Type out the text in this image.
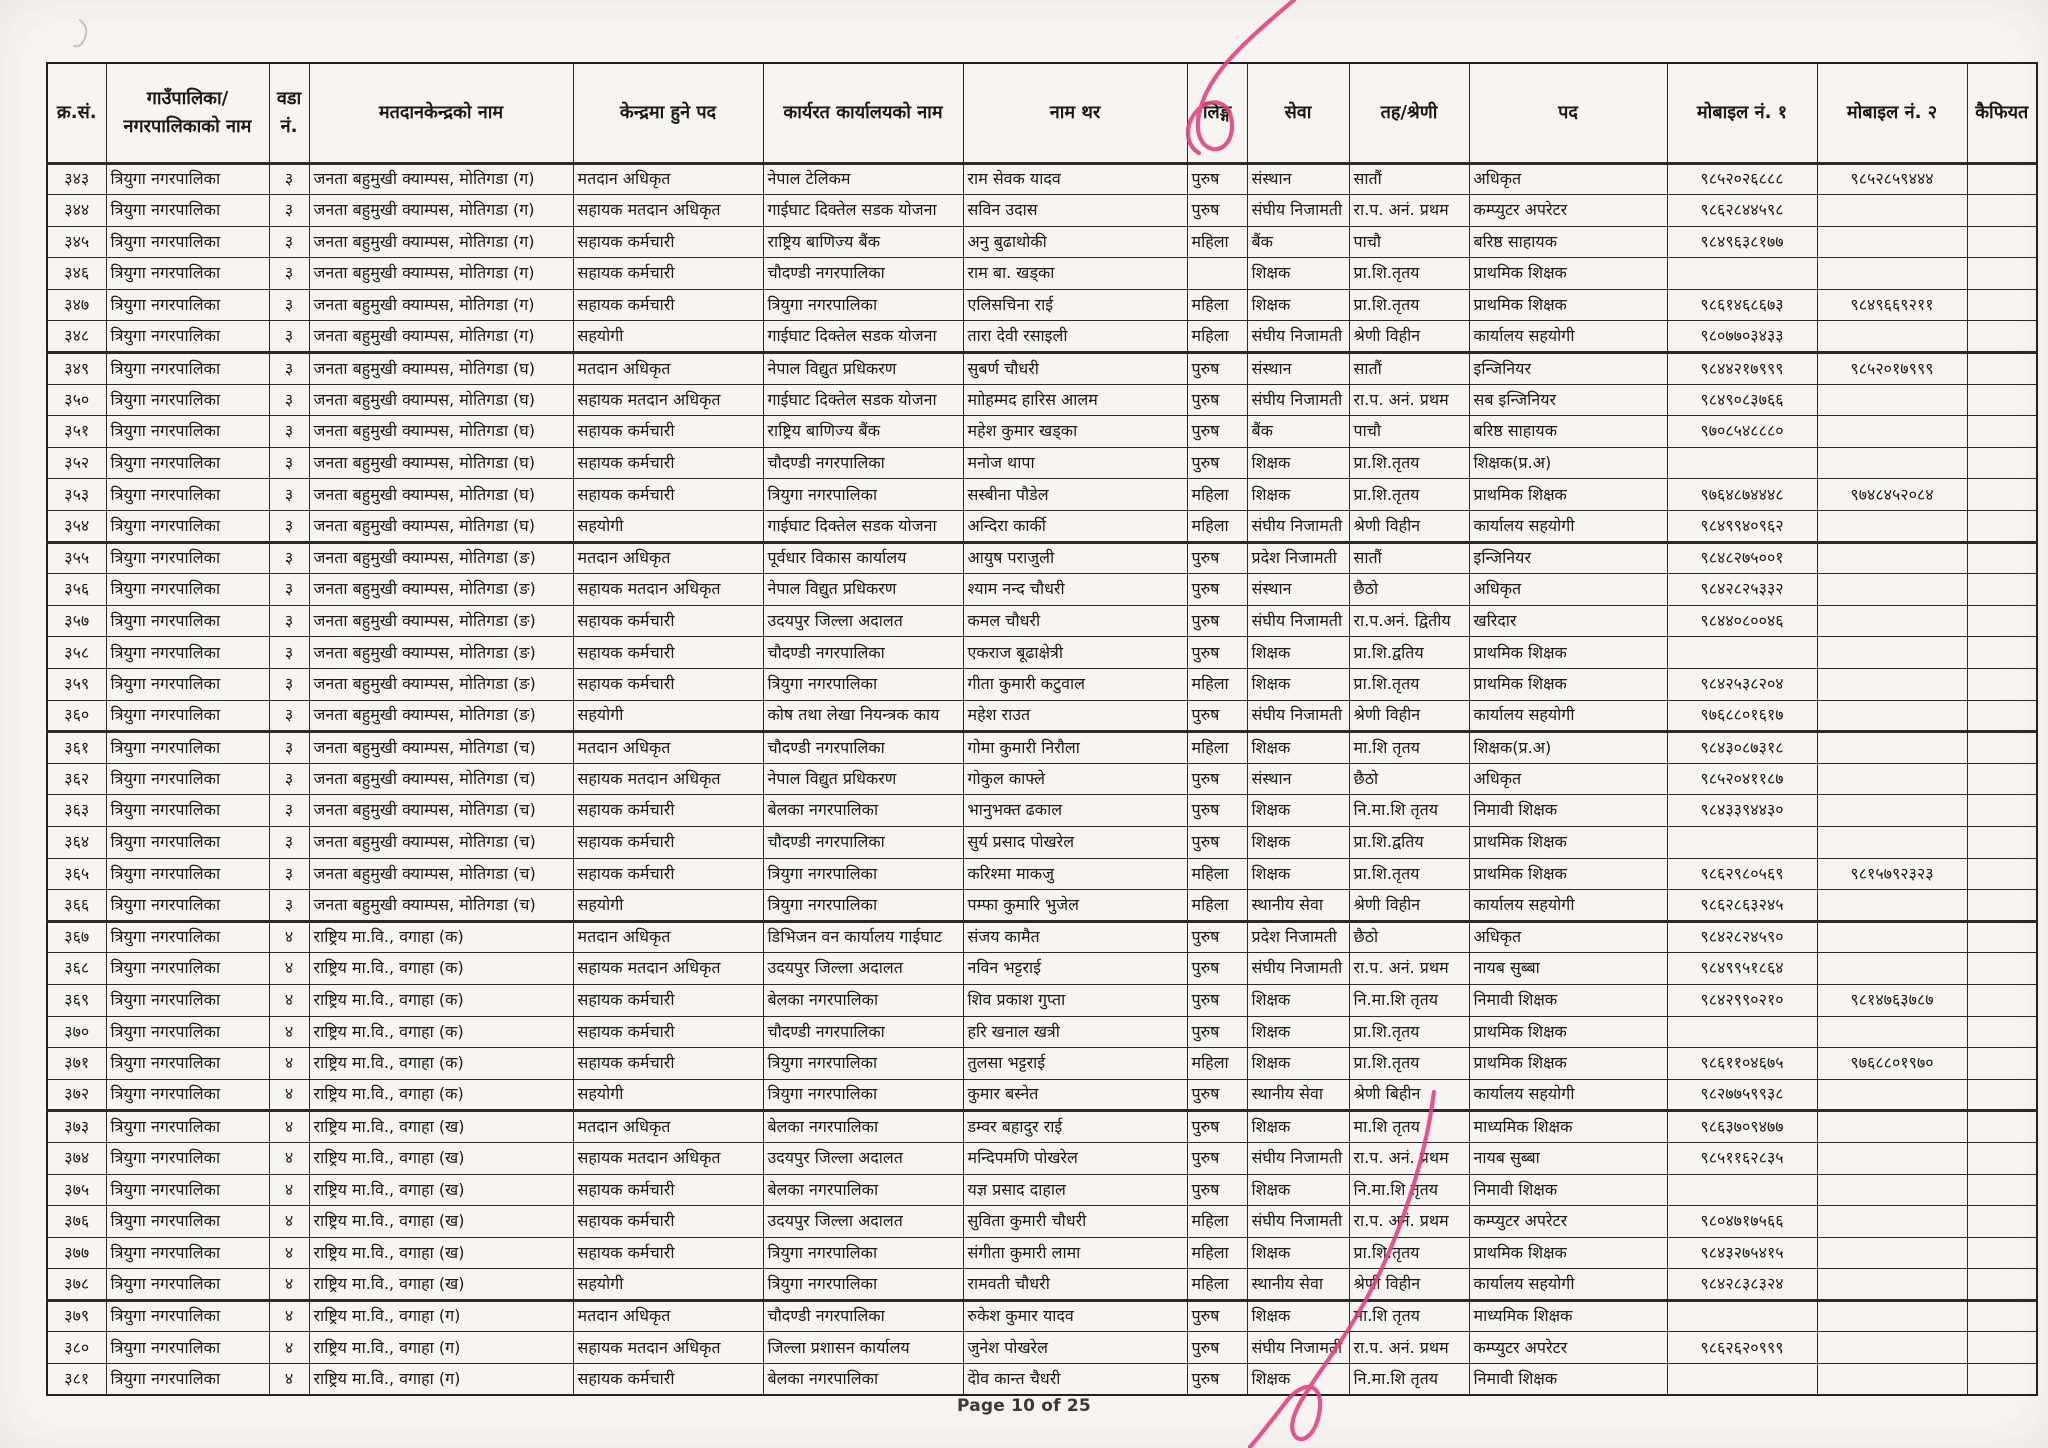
क्र.सं.	गाउँपालिका/नगरपालिकाको नाम	वडा नं.	मतदानकेन्द्रको नाम	केन्द्रमा हुने पद	कार्यरत कार्यालयको नाम	नाम थर	लिङ्ग	सेवा	तह/श्रेणी	पद	मोबाइल नं. १	मोबाइल नं. २	कैफियत
३४३	त्रियुगा नगरपालिका	३	जनता बहुमुखी क्याम्पस, मोतिगडा (ग)	मतदान अधिकृत	नेपाल टेलिकम	राम सेवक यादव	पुरुष	संस्थान	सातौं	अधिकृत	९८५२०२६८८८	९८५२८५९४४४	
३४४	त्रियुगा नगरपालिका	३	जनता बहुमुखी क्याम्पस, मोतिगडा (ग)	सहायक मतदान अधिकृत	गाईघाट दिक्तेल सडक योजना	सविन उदास	पुरुष	संघीय निजामती	रा.प. अनं. प्रथम	कम्प्युटर अपरेटर	९८६२८४४५९८		
३४५	त्रियुगा नगरपालिका	३	जनता बहुमुखी क्याम्पस, मोतिगडा (ग)	सहायक कर्मचारी	राष्ट्रिय बाणिज्य बैंक	अनु बुढाथोकी	महिला	बैंक	पाचौ	बरिष्ठ साहायक	९८४९६३८१७७		
३४६	त्रियुगा नगरपालिका	३	जनता बहुमुखी क्याम्पस, मोतिगडा (ग)	सहायक कर्मचारी	चौदण्डी नगरपालिका	राम बा. खड्का		शिक्षक	प्रा.शि.तृतय	प्राथमिक शिक्षक			
३४७	त्रियुगा नगरपालिका	३	जनता बहुमुखी क्याम्पस, मोतिगडा (ग)	सहायक कर्मचारी	त्रियुगा नगरपालिका	एलिसचिना राई	महिला	शिक्षक	प्रा.शि.तृतय	प्राथमिक शिक्षक	९८६१४६८६७३	९८४९६६९२११	
३४८	त्रियुगा नगरपालिका	३	जनता बहुमुखी क्याम्पस, मोतिगडा (ग)	सहयोगी	गाईघाट दिक्तेल सडक योजना	तारा देवी रसाइली	महिला	संघीय निजामती	श्रेणी विहीन	कार्यालय सहयोगी	९८०७७०३४३३		
३४९	त्रियुगा नगरपालिका	३	जनता बहुमुखी क्याम्पस, मोतिगडा (घ)	मतदान अधिकृत	नेपाल विद्युत प्रधिकरण	सुबर्ण चौधरी	पुरुष	संस्थान	सातौं	इन्जिनियर	९८४४२१७९९९	९८५२०१७९९९	
३५०	त्रियुगा नगरपालिका	३	जनता बहुमुखी क्याम्पस, मोतिगडा (घ)	सहायक मतदान अधिकृत	गाईघाट दिक्तेल सडक योजना	माोहम्मद हारिस आलम	पुरुष	संघीय निजामती	रा.प. अनं. प्रथम	सब इन्जिनियर	९८४९०८३७६६		
३५१	त्रियुगा नगरपालिका	३	जनता बहुमुखी क्याम्पस, मोतिगडा (घ)	सहायक कर्मचारी	राष्ट्रिय बाणिज्य बैंक	महेश कुमार खड्का	पुरुष	बैंक	पाचौ	बरिष्ठ साहायक	९७०८५४८८८०		
३५२	त्रियुगा नगरपालिका	३	जनता बहुमुखी क्याम्पस, मोतिगडा (घ)	सहायक कर्मचारी	चौदण्डी नगरपालिका	मनोज थापा	पुरुष	शिक्षक	प्रा.शि.तृतय	शिक्षक(प्र.अ)			
३५३	त्रियुगा नगरपालिका	३	जनता बहुमुखी क्याम्पस, मोतिगडा (घ)	सहायक कर्मचारी	त्रियुगा नगरपालिका	सस्बीना पौडेल	महिला	शिक्षक	प्रा.शि.तृतय	प्राथमिक शिक्षक	९७६४८७४४४८	९७४८४५२०८४	
३५४	त्रियुगा नगरपालिका	३	जनता बहुमुखी क्याम्पस, मोतिगडा (घ)	सहयोगी	गाईघाट दिक्तेल सडक योजना	अन्दिरा कार्की	महिला	संघीय निजामती	श्रेणी विहीन	कार्यालय सहयोगी	९८४९९४०९६२		
३५५	त्रियुगा नगरपालिका	३	जनता बहुमुखी क्याम्पस, मोतिगडा (ङ)	मतदान अधिकृत	पूर्वधार विकास कार्यालय	आयुष पराजुली	पुरुष	प्रदेश निजामती	सातौं	इन्जिनियर	९८४८२७५००१		
३५६	त्रियुगा नगरपालिका	३	जनता बहुमुखी क्याम्पस, मोतिगडा (ङ)	सहायक मतदान अधिकृत	नेपाल विद्युत प्रधिकरण	श्याम नन्द चौधरी	पुरुष	संस्थान	छैठो	अधिकृत	९८४२८२५३३२		
३५७	त्रियुगा नगरपालिका	३	जनता बहुमुखी क्याम्पस, मोतिगडा (ङ)	सहायक कर्मचारी	उदयपुर जिल्ला अदालत	कमल चौधरी	पुरुष	संघीय निजामती	रा.प.अनं. द्वितीय	खरिदार	९८४४०८००४६		
३५८	त्रियुगा नगरपालिका	३	जनता बहुमुखी क्याम्पस, मोतिगडा (ङ)	सहायक कर्मचारी	चौदण्डी नगरपालिका	एकराज बूढाक्षेत्री	पुरुष	शिक्षक	प्रा.शि.द्वतिय	प्राथमिक शिक्षक			
३५९	त्रियुगा नगरपालिका	३	जनता बहुमुखी क्याम्पस, मोतिगडा (ङ)	सहायक कर्मचारी	त्रियुगा नगरपालिका	गीता कुमारी कटुवाल	महिला	शिक्षक	प्रा.शि.तृतय	प्राथमिक शिक्षक	९८४२५३८२०४		
३६०	त्रियुगा नगरपालिका	३	जनता बहुमुखी क्याम्पस, मोतिगडा (ङ)	सहयोगी	कोष तथा लेखा नियन्त्रक काय	महेश राउत	पुरुष	संघीय निजामती	श्रेणी विहीन	कार्यालय सहयोगी	९७६८८०१६१७		
३६१	त्रियुगा नगरपालिका	३	जनता बहुमुखी क्याम्पस, मोतिगडा (च)	मतदान अधिकृत	चौदण्डी नगरपालिका	गोमा कुमारी निरौला	महिला	शिक्षक	मा.शि तृतय	शिक्षक(प्र.अ)	९८४३०८७३१८		
३६२	त्रियुगा नगरपालिका	३	जनता बहुमुखी क्याम्पस, मोतिगडा (च)	सहायक मतदान अधिकृत	नेपाल विद्युत प्रधिकरण	गोकुल काफ्ले	पुरुष	संस्थान	छैठो	अधिकृत	९८५२०४११८७		
३६३	त्रियुगा नगरपालिका	३	जनता बहुमुखी क्याम्पस, मोतिगडा (च)	सहायक कर्मचारी	बेलका नगरपालिका	भानुभक्त ढकाल	पुरुष	शिक्षक	नि.मा.शि तृतय	निमावी शिक्षक	९८४३३९४४३०		
३६४	त्रियुगा नगरपालिका	३	जनता बहुमुखी क्याम्पस, मोतिगडा (च)	सहायक कर्मचारी	चौदण्डी नगरपालिका	सुर्य प्रसाद पोखरेल	पुरुष	शिक्षक	प्रा.शि.द्वतिय	प्राथमिक शिक्षक			
३६५	त्रियुगा नगरपालिका	३	जनता बहुमुखी क्याम्पस, मोतिगडा (च)	सहायक कर्मचारी	त्रियुगा नगरपालिका	करिश्मा माकजु	महिला	शिक्षक	प्रा.शि.तृतय	प्राथमिक शिक्षक	९८६२९८०५६९	९८१५७९२३२३	
३६६	त्रियुगा नगरपालिका	३	जनता बहुमुखी क्याम्पस, मोतिगडा (च)	सहयोगी	त्रियुगा नगरपालिका	पम्फा कुमारि भुजेल	महिला	स्थानीय सेवा	श्रेणी विहीन	कार्यालय सहयोगी	९८६२८६३२४५		
३६७	त्रियुगा नगरपालिका	४	राष्ट्रिय मा.वि., वगाहा (क)	मतदान अधिकृत	डिभिजन वन कार्यालय गाईघाट	संजय कामैत	पुरुष	प्रदेश निजामती	छैठो	अधिकृत	९८४२८२४५९०		
३६८	त्रियुगा नगरपालिका	४	राष्ट्रिय मा.वि., वगाहा (क)	सहायक मतदान अधिकृत	उदयपुर जिल्ला अदालत	नविन भट्टराई	पुरुष	संघीय निजामती	रा.प. अनं. प्रथम	नायब सुब्बा	९८४९९५१८६४		
३६९	त्रियुगा नगरपालिका	४	राष्ट्रिय मा.वि., वगाहा (क)	सहायक कर्मचारी	बेलका नगरपालिका	शिव प्रकाश गुप्ता	पुरुष	शिक्षक	नि.मा.शि तृतय	निमावी शिक्षक	९८४२९९०२१०	९८१४७६३७८७	
३७०	त्रियुगा नगरपालिका	४	राष्ट्रिय मा.वि., वगाहा (क)	सहायक कर्मचारी	चौदण्डी नगरपालिका	हरि खनाल खत्री	पुरुष	शिक्षक	प्रा.शि.तृतय	प्राथमिक शिक्षक			
३७१	त्रियुगा नगरपालिका	४	राष्ट्रिय मा.वि., वगाहा (क)	सहायक कर्मचारी	त्रियुगा नगरपालिका	तुलसा भट्टराई	महिला	शिक्षक	प्रा.शि.तृतय	प्राथमिक शिक्षक	९८६११०४६७५	९७६८८०१९७०	
३७२	त्रियुगा नगरपालिका	४	राष्ट्रिय मा.वि., वगाहा (क)	सहयोगी	त्रियुगा नगरपालिका	कुमार बस्नेत	पुरुष	स्थानीय सेवा	श्रेणी बिहीन	कार्यालय सहयोगी	९८२७७५९९३८		
३७३	त्रियुगा नगरपालिका	४	राष्ट्रिय मा.वि., वगाहा (ख)	मतदान अधिकृत	बेलका नगरपालिका	डम्वर बहादुर राई	पुरुष	शिक्षक	मा.शि तृतय	माध्यमिक शिक्षक	९८६३७०९४७७		
३७४	त्रियुगा नगरपालिका	४	राष्ट्रिय मा.वि., वगाहा (ख)	सहायक मतदान अधिकृत	उदयपुर जिल्ला अदालत	मन्दिपमणि पोखरेल	पुरुष	संघीय निजामती	रा.प. अनं. प्रथम	नायब सुब्बा	९८५११६२८३५		
३७५	त्रियुगा नगरपालिका	४	राष्ट्रिय मा.वि., वगाहा (ख)	सहायक कर्मचारी	बेलका नगरपालिका	यज्ञ प्रसाद दाहाल	पुरुष	शिक्षक	नि.मा.शि तृतय	निमावी शिक्षक			
३७६	त्रियुगा नगरपालिका	४	राष्ट्रिय मा.वि., वगाहा (ख)	सहायक कर्मचारी	उदयपुर जिल्ला अदालत	सुविता कुमारी चौधरी	महिला	संघीय निजामती	रा.प. अनं. प्रथम	कम्प्युटर अपरेटर	९८०४७१७५६६		
३७७	त्रियुगा नगरपालिका	४	राष्ट्रिय मा.वि., वगाहा (ख)	सहायक कर्मचारी	त्रियुगा नगरपालिका	संगीता कुमारी लामा	महिला	शिक्षक	प्रा.शि.तृतय	प्राथमिक शिक्षक	९८४३२७५४१५		
३७८	त्रियुगा नगरपालिका	४	राष्ट्रिय मा.वि., वगाहा (ख)	सहयोगी	त्रियुगा नगरपालिका	रामवती चौधरी	महिला	स्थानीय सेवा	श्रेणी विहीन	कार्यालय सहयोगी	९८४२८३८३२४		
३७९	त्रियुगा नगरपालिका	४	राष्ट्रिय मा.वि., वगाहा (ग)	मतदान अधिकृत	चौदण्डी नगरपालिका	रुकेश कुमार यादव	पुरुष	शिक्षक	मा.शि तृतय	माध्यमिक शिक्षक			
३८०	त्रियुगा नगरपालिका	४	राष्ट्रिय मा.वि., वगाहा (ग)	सहायक मतदान अधिकृत	जिल्ला प्रशासन कार्यालय	जुनेश पोखरेल	पुरुष	संघीय निजामती	रा.प. अनं. प्रथम	कम्प्युटर अपरेटर	९८६२६२०९९९		
३८१	त्रियुगा नगरपालिका	४	राष्ट्रिय मा.वि., वगाहा (ग)	सहायक कर्मचारी	बेलका नगरपालिका	देोव कान्त चैधरी	पुरुष	शिक्षक	नि.मा.शि तृतय	निमावी शिक्षक			
Page 10 of 25
